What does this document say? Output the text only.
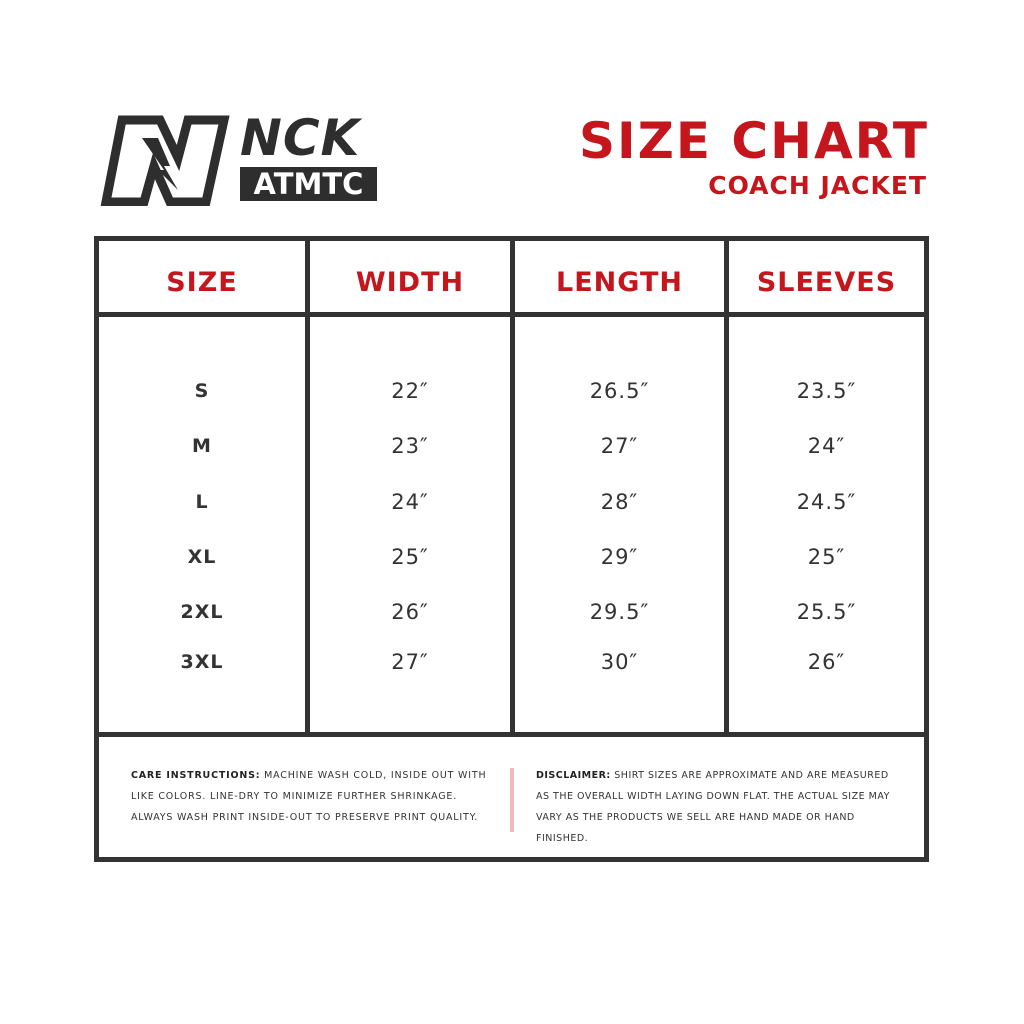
NCK
ATMTC
SIZE CHART
COACH JACKET
SIZE	WIDTH	LENGTH	SLEEVES
S	22″	26.5″	23.5″
M	23″	27″	24″
L	24″	28″	24.5″
XL	25″	29″	25″
2XL	26″	29.5″	25.5″
3XL	27″	30″	26″
CARE INSTRUCTIONS: MACHINE WASH COLD, INSIDE OUT WITH LIKE COLORS. LINE-DRY TO MINIMIZE FURTHER SHRINKAGE. ALWAYS WASH PRINT INSIDE-OUT TO PRESERVE PRINT QUALITY.
DISCLAIMER: SHIRT SIZES ARE APPROXIMATE AND ARE MEASURED AS THE OVERALL WIDTH LAYING DOWN FLAT. THE ACTUAL SIZE MAY VARY AS THE PRODUCTS WE SELL ARE HAND MADE OR HAND FINISHED.
